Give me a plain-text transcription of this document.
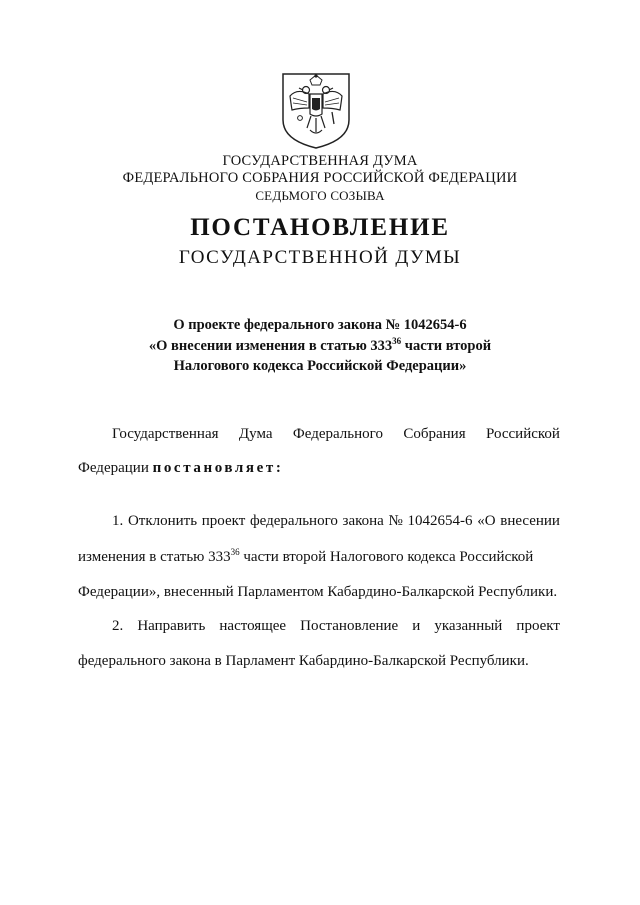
ГОСУДАРСТВЕННАЯ ДУМА
ФЕДЕРАЛЬНОГО СОБРАНИЯ РОССИЙСКОЙ ФЕДЕРАЦИИ
СЕДЬМОГО СОЗЫВА
ПОСТАНОВЛЕНИЕ
ГОСУДАРСТВЕННОЙ ДУМЫ
О проекте федерального закона № 1042654-6
«О внесении изменения в статью $333^{36}$ части второй
Налогового кодекса Российской Федерации»
Государственная Дума Федерального Собрания Российской
Федерации постановляет:
1. Отклонить проект федерального закона № 1042654-6 «О внесении
изменения в статью $333^{36}$ части второй Налогового кодекса Российской
Федерации», внесенный Парламентом Кабардино-Балкарской Республики.
2. Направить настоящее Постановление и указанный проект
федерального закона в Парламент Кабардино-Балкарской Республики.
